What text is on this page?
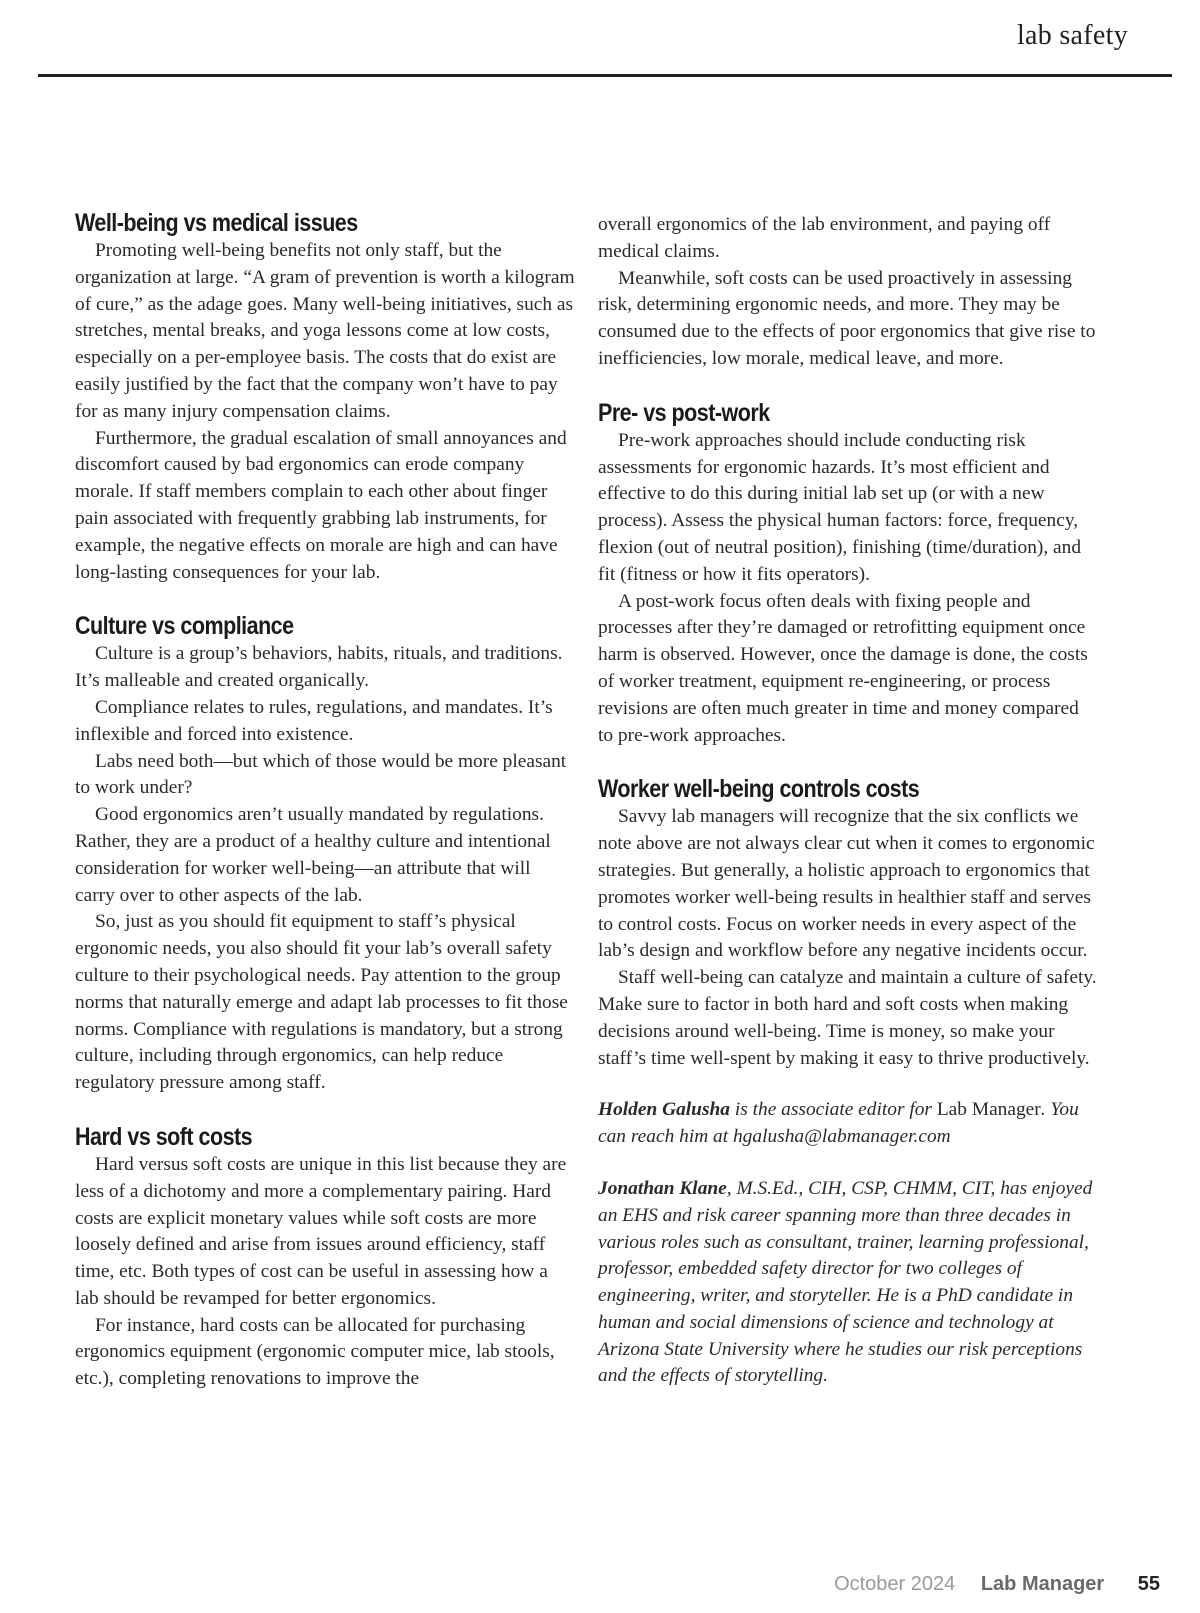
lab safety
Well-being vs medical issues

Promoting well-being benefits not only staff, but the organization at large. “A gram of prevention is worth a kilogram of cure,” as the adage goes. Many well-being initiatives, such as stretches, mental breaks, and yoga lessons come at low costs, especially on a per-employee basis. The costs that do exist are easily justified by the fact that the company won’t have to pay for as many injury compensation claims.

Furthermore, the gradual escalation of small annoyances and discomfort caused by bad ergonomics can erode company morale. If staff members complain to each other about finger pain associated with frequently grabbing lab instruments, for example, the negative effects on morale are high and can have long-lasting consequences for your lab.

Culture vs compliance

Culture is a group’s behaviors, habits, rituals, and traditions. It’s malleable and created organically.

Compliance relates to rules, regulations, and mandates. It’s inflexible and forced into existence.

Labs need both—but which of those would be more pleasant to work under?

Good ergonomics aren’t usually mandated by regulations. Rather, they are a product of a healthy culture and intentional consideration for worker well-being—an attribute that will carry over to other aspects of the lab.

So, just as you should fit equipment to staff’s physical ergonomic needs, you also should fit your lab’s overall safety culture to their psychological needs. Pay attention to the group norms that naturally emerge and adapt lab processes to fit those norms. Compliance with regulations is mandatory, but a strong culture, including through ergonomics, can help reduce regulatory pressure among staff.

Hard vs soft costs

Hard versus soft costs are unique in this list because they are less of a dichotomy and more a complementary pairing. Hard costs are explicit monetary values while soft costs are more loosely defined and arise from issues around efficiency, staff time, etc. Both types of cost can be useful in assessing how a lab should be revamped for better ergonomics.

For instance, hard costs can be allocated for purchasing ergonomics equipment (ergonomic computer mice, lab stools, etc.), completing renovations to improve the

overall ergonomics of the lab environment, and paying off medical claims.

Meanwhile, soft costs can be used proactively in assessing risk, determining ergonomic needs, and more. They may be consumed due to the effects of poor ergonomics that give rise to inefficiencies, low morale, medical leave, and more.

Pre- vs post-work

Pre-work approaches should include conducting risk assessments for ergonomic hazards. It’s most efficient and effective to do this during initial lab set up (or with a new process). Assess the physical human factors: force, frequency, flexion (out of neutral position), finishing (time/duration), and fit (fitness or how it fits operators).

A post-work focus often deals with fixing people and processes after they’re damaged or retrofitting equipment once harm is observed. However, once the damage is done, the costs of worker treatment, equipment re-engineering, or process revisions are often much greater in time and money compared to pre-work approaches.

Worker well-being controls costs

Savvy lab managers will recognize that the six conflicts we note above are not always clear cut when it comes to ergonomic strategies. But generally, a holistic approach to ergonomics that promotes worker well-being results in healthier staff and serves to control costs. Focus on worker needs in every aspect of the lab’s design and workflow before any negative incidents occur.

Staff well-being can catalyze and maintain a culture of safety. Make sure to factor in both hard and soft costs when making decisions around well-being. Time is money, so make your staff’s time well-spent by making it easy to thrive productively.

Holden Galusha is the associate editor for Lab Manager. You can reach him at hgalusha@labmanager.com

Jonathan Klane, M.S.Ed., CIH, CSP, CHMM, CIT, has enjoyed an EHS and risk career spanning more than three decades in various roles such as consultant, trainer, learning professional, professor, embedded safety director for two colleges of engineering, writer, and storyteller. He is a PhD candidate in human and social dimensions of science and technology at Arizona State University where he studies our risk perceptions and the effects of storytelling.

October 2024 Lab Manager 55
